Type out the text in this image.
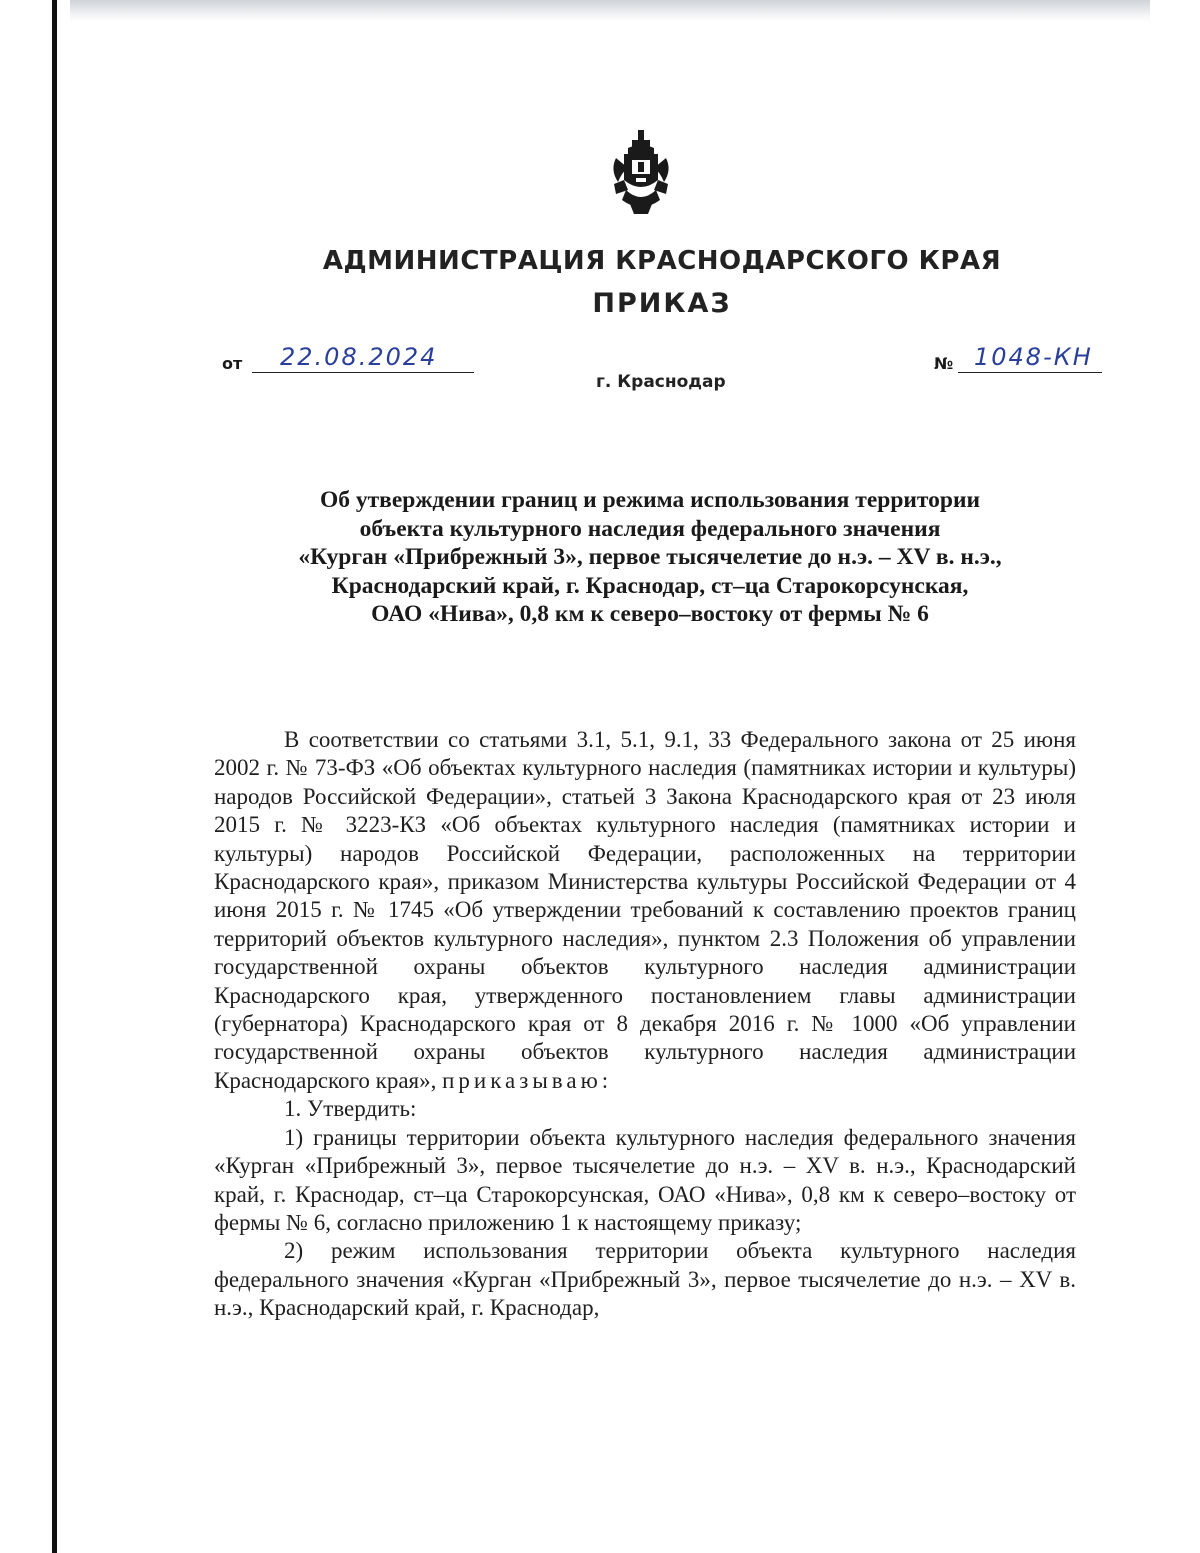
АДМИНИСТРАЦИЯ КРАСНОДАРСКОГО КРАЯ
ПРИКАЗ
от 22.08.2024
г. Краснодар
№ 1048-КН
Об утверждении границ и режима использования территории
объекта культурного наследия федерального значения
«Курган «Прибрежный 3», первое тысячелетие до н.э. – XV в. н.э.,
Краснодарский край, г. Краснодар, ст–ца Старокорсунская,
ОАО «Нива», 0,8 км к северо–востоку от фермы № 6

В соответствии со статьями 3.1, 5.1, 9.1, 33 Федерального закона от 25 июня 2002 г. № 73-ФЗ «Об объектах культурного наследия (памятниках истории и культуры) народов Российской Федерации», статьей 3 Закона Краснодарского края от 23 июля 2015 г. № 3223-КЗ «Об объектах культурного наследия (памятниках истории и культуры) народов Российской Федерации, расположенных на территории Краснодарского края», приказом Министерства культуры Российской Федерации от 4 июня 2015 г. № 1745 «Об утверждении требований к составлению проектов границ территорий объектов культурного наследия», пунктом 2.3 Положения об управлении государственной охраны объектов культурного наследия администрации Краснодарского края, утвержденного постановлением главы администрации (губернатора) Краснодарского края от 8 декабря 2016 г. № 1000 «Об управлении государственной охраны объектов культурного наследия администрации Краснодарского края», приказываю:

1. Утвердить:

1) границы территории объекта культурного наследия федерального значения «Курган «Прибрежный 3», первое тысячелетие до н.э. – XV в. н.э., Краснодарский край, г. Краснодар, ст–ца Старокорсунская, ОАО «Нива», 0,8 км к северо–востоку от фермы № 6, согласно приложению 1 к настоящему приказу;

2) режим использования территории объекта культурного наследия федерального значения «Курган «Прибрежный 3», первое тысячелетие до н.э. – XV в. н.э., Краснодарский край, г. Краснодар,
